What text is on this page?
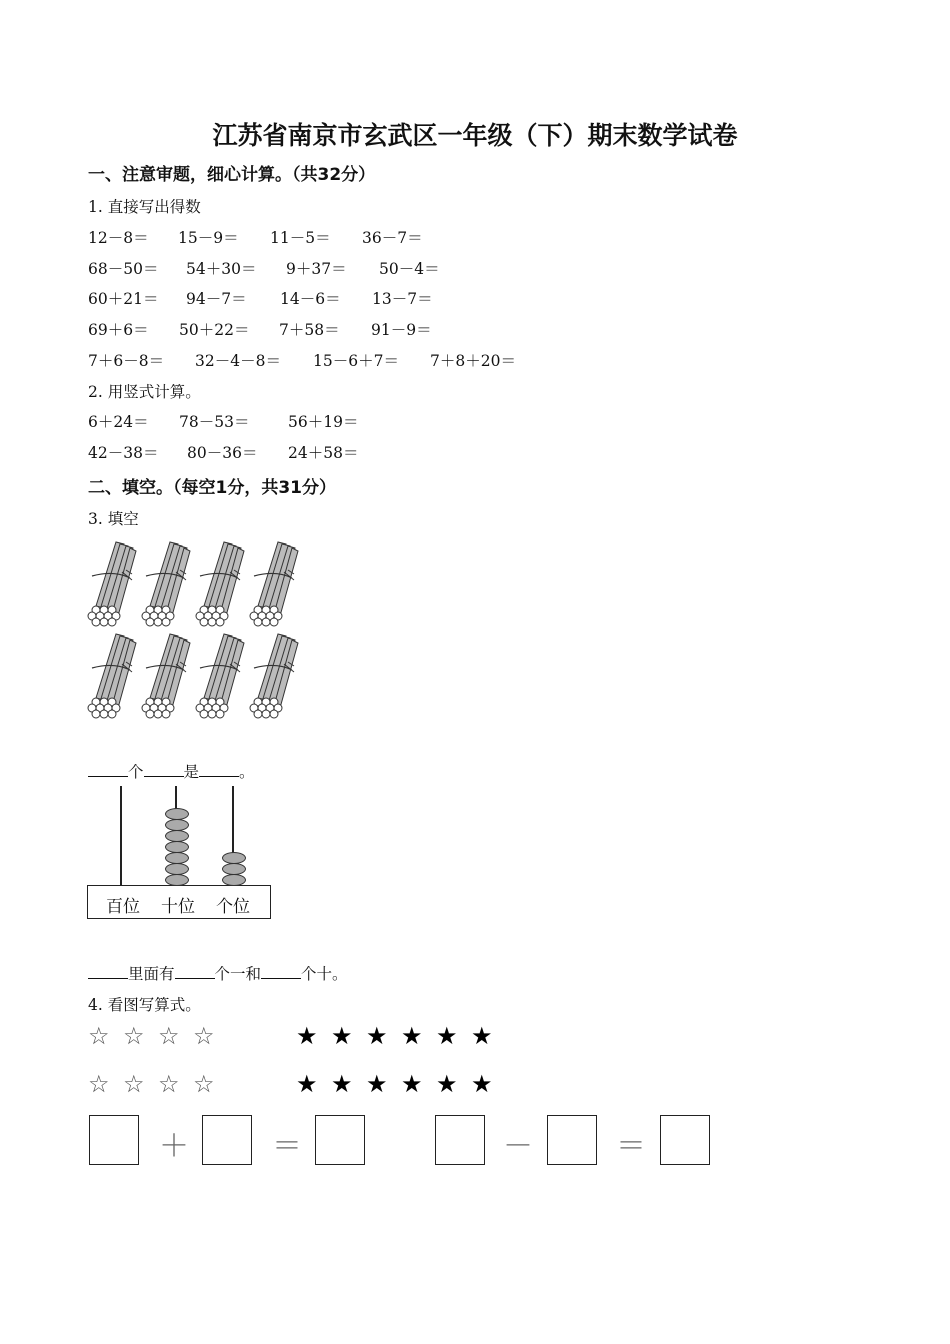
江苏省南京市玄武区一年级（下）期末数学试卷
一、注意审题，细心计算。（共32分）
1. 直接写出得数
12－8＝ 15－9＝ 11－5＝ 36－7＝
68－50＝ 54＋30＝ 9＋37＝ 50－4＝
60＋21＝ 94－7＝ 14－6＝ 13－7＝
69＋6＝ 50＋22＝ 7＋58＝ 91－9＝
7＋6－8＝ 32－4－8＝ 15－6＋7＝ 7＋8＋20＝
2. 用竖式计算。
6＋24＝ 78－53＝ 56＋19＝
42－38＝ 80－36＝ 24＋58＝
二、填空。（每空1分，共31分）
3. 填空
个	是	。
百位 十位 个位
里面有	个一和	个十。
4. 看图写算式。
☆ ☆ ☆ ☆	★ ★ ★ ★ ★ ★
☆ ☆ ☆ ☆	★ ★ ★ ★ ★ ★
＋	＝	－	＝
